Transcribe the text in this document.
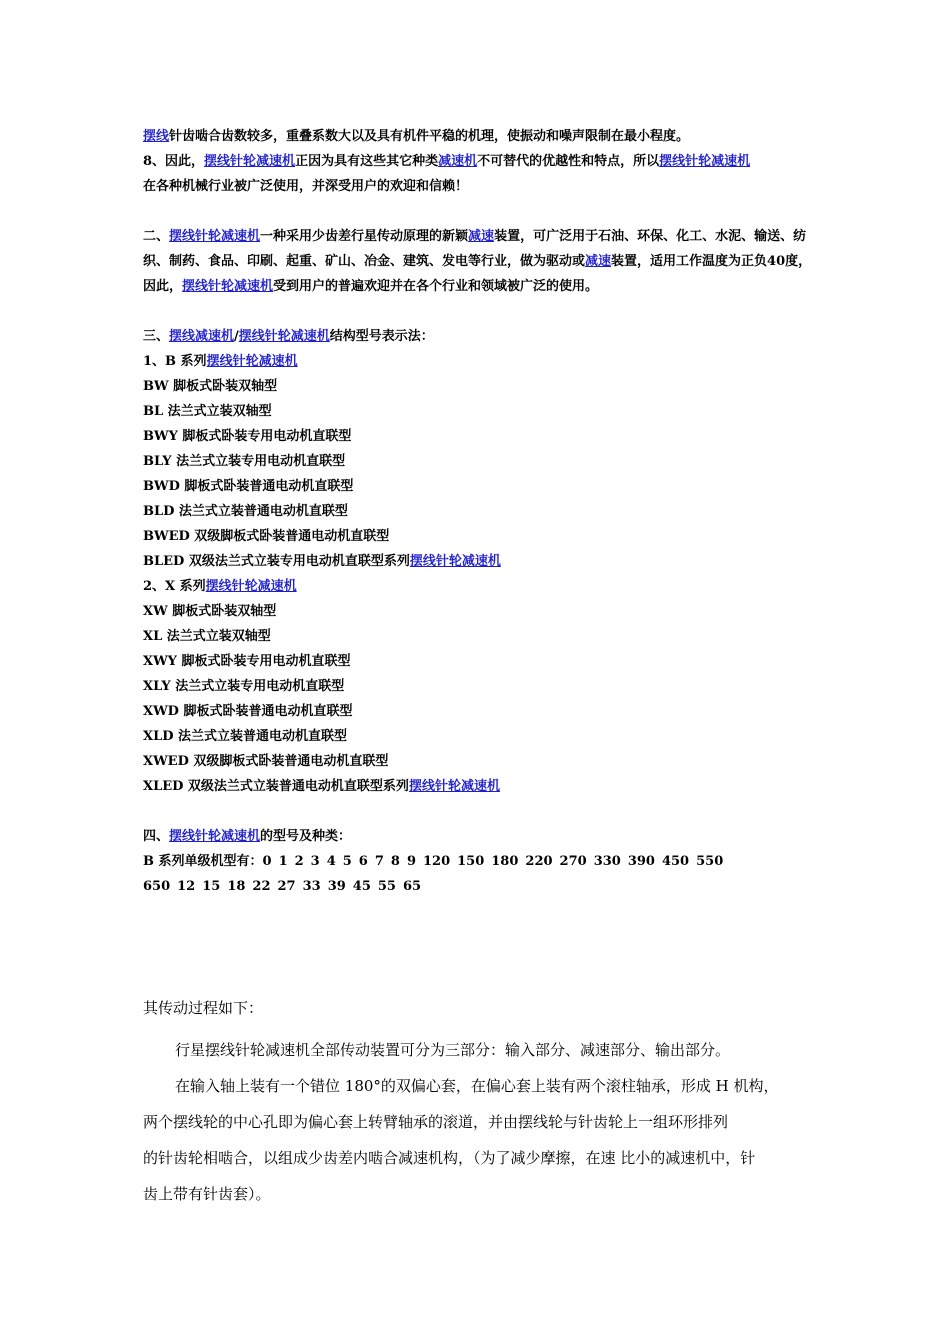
摆线针齿啮合齿数较多，重叠系数大以及具有机件平稳的机理，使振动和噪声限制在最小程度。
8、因此，摆线针轮减速机正因为具有这些其它种类减速机不可替代的优越性和特点，所以摆线针轮减速机
在各种机械行业被广泛使用，并深受用户的欢迎和信赖！
二、摆线针轮减速机一种采用少齿差行星传动原理的新颖减速装置，可广泛用于石油、环保、化工、水泥、输送、纺织、制药、食品、印刷、起重、矿山、冶金、建筑、发电等行业，做为驱动或减速装置，适用工作温度为正负40度，因此，摆线针轮减速机受到用户的普遍欢迎并在各个行业和领域被广泛的使用。
三、摆线减速机/摆线针轮减速机结构型号表示法：
1、B 系列摆线针轮减速机
BW 脚板式卧装双轴型
BL 法兰式立装双轴型
BWY 脚板式卧装专用电动机直联型
BLY 法兰式立装专用电动机直联型
BWD 脚板式卧装普通电动机直联型
BLD 法兰式立装普通电动机直联型
BWED 双级脚板式卧装普通电动机直联型
BLED 双级法兰式立装专用电动机直联型系列摆线针轮减速机
2、X 系列摆线针轮减速机
XW 脚板式卧装双轴型
XL 法兰式立装双轴型
XWY 脚板式卧装专用电动机直联型
XLY 法兰式立装专用电动机直联型
XWD 脚板式卧装普通电动机直联型
XLD 法兰式立装普通电动机直联型
XWED 双级脚板式卧装普通电动机直联型
XLED 双级法兰式立装普通电动机直联型系列摆线针轮减速机
四、摆线针轮减速机的型号及种类：
B 系列单级机型有：0 1 2 3 4 5 6 7 8 9 120 150 180 220 270 330 390 450 550
650 12 15 18 22 27 33 39 45 55 65

其传动过程如下：

行星摆线针轮减速机全部传动装置可分为三部分：输入部分、减速部分、输出部分。

在输入轴上装有一个错位 180°的双偏心套，在偏心套上装有两个滚柱轴承，形成 H 机构，

两个摆线轮的中心孔即为偏心套上转臂轴承的滚道，并由摆线轮与针齿轮上一组环形排列

的针齿轮相啮合，以组成少齿差内啮合减速机构，（为了减少摩擦，在速 比小的减速机中，针

齿上带有针齿套）。
